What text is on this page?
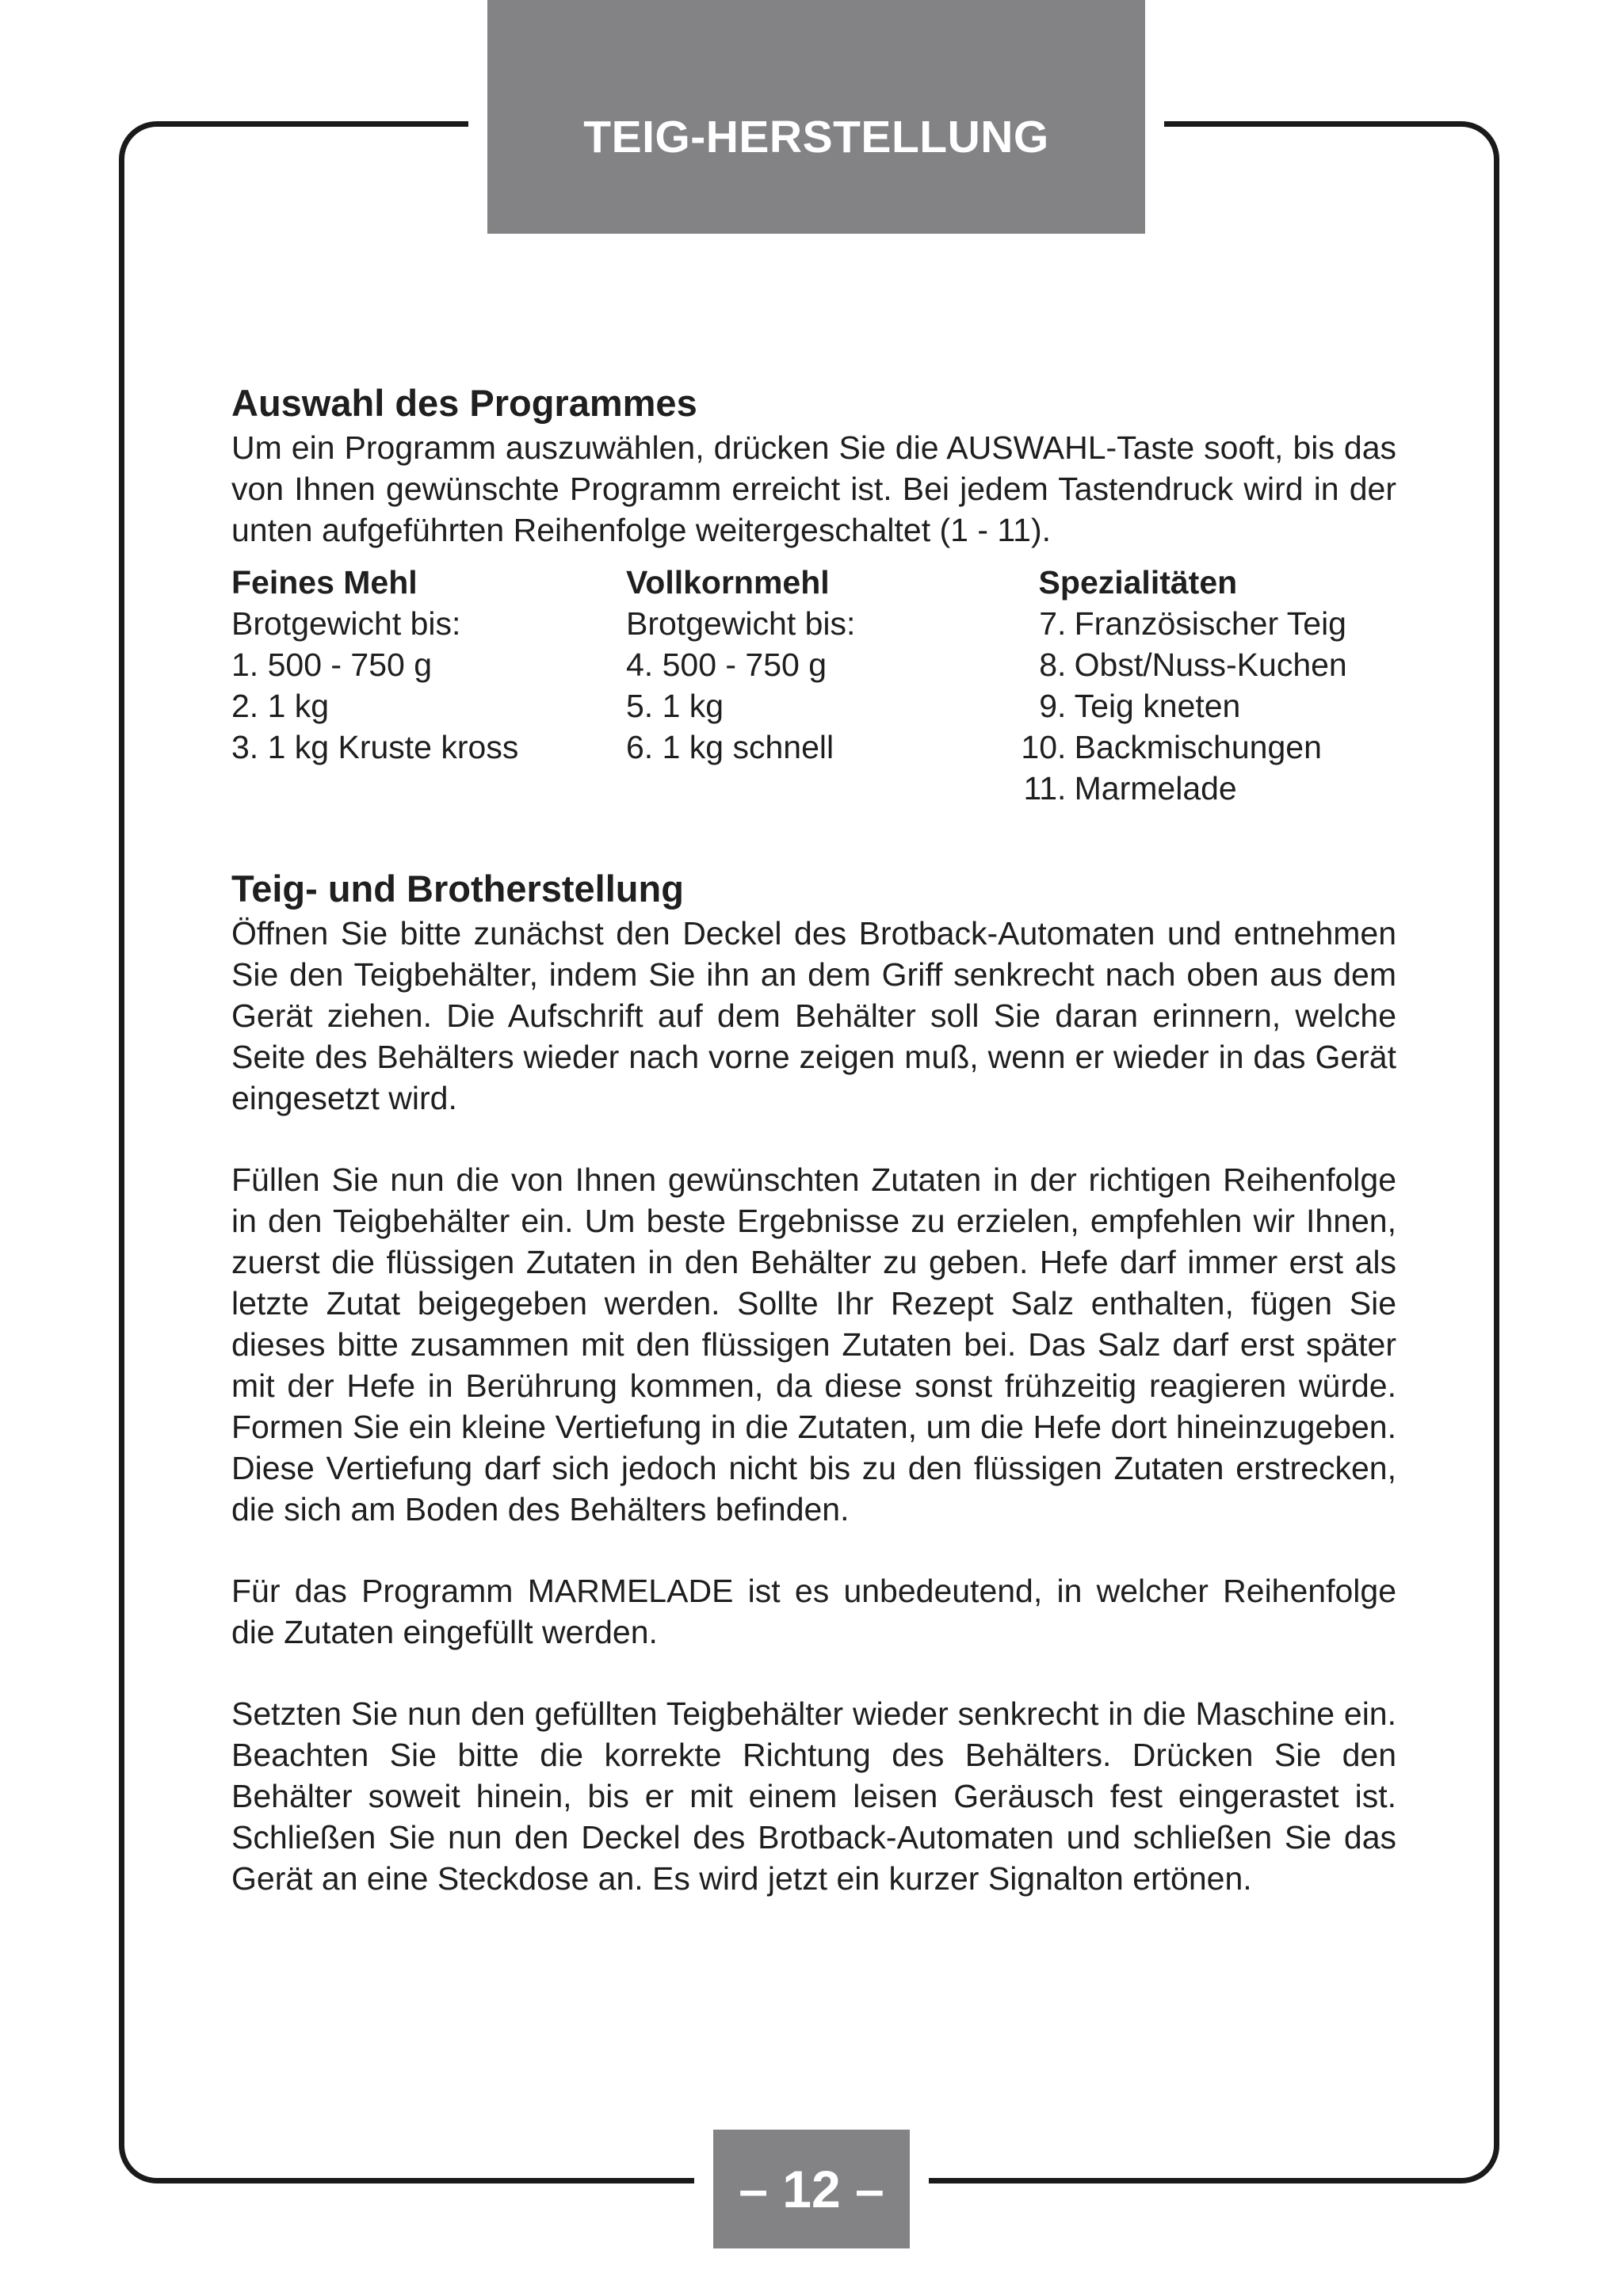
TEIG-HERSTELLUNG
Auswahl des Programmes

Um ein Programm auszuwählen, drücken Sie die AUSWAHL-Taste sooft, bis das von Ihnen gewünschte Programm erreicht ist. Bei jedem Tastendruck wird in der unten aufgeführten Reihenfolge weitergeschaltet (1 - 11).

Feines Mehl
Brotgewicht bis:
1. 500 - 750 g
2. 1 kg
3. 1 kg Kruste kross
Vollkornmehl
Brotgewicht bis:
4. 500 - 750 g
5. 1 kg
6. 1 kg schnell
Spezialitäten
7. Französischer Teig
8. Obst/Nuss-Kuchen
9. Teig kneten
10. Backmischungen
11. Marmelade
Teig- und Brotherstellung

Öffnen Sie bitte zunächst den Deckel des Brotback-Automaten und entnehmen Sie den Teigbehälter, indem Sie ihn an dem Griff senkrecht nach oben aus dem Gerät ziehen. Die Aufschrift auf dem Behälter soll Sie daran erinnern, welche Seite des Behälters wieder nach vorne zeigen muß, wenn er wieder in das Gerät eingesetzt wird.

Füllen Sie nun die von Ihnen gewünschten Zutaten in der richtigen Reihenfolge in den Teigbehälter ein. Um beste Ergebnisse zu erzielen, empfehlen wir Ihnen, zuerst die flüssigen Zutaten in den Behälter zu geben. Hefe darf immer erst als letzte Zutat beigegeben werden. Sollte Ihr Rezept Salz enthalten, fügen Sie dieses bitte zusammen mit den flüssigen Zutaten bei. Das Salz darf erst später mit der Hefe in Berührung kommen, da diese sonst frühzeitig reagieren würde. Formen Sie ein kleine Vertiefung in die Zutaten, um die Hefe dort hineinzugeben. Diese Vertiefung darf sich jedoch nicht bis zu den flüssigen Zutaten erstrecken, die sich am Boden des Behälters befinden.

Für das Programm MARMELADE ist es unbedeutend, in welcher Reihenfolge die Zutaten eingefüllt werden.

Setzten Sie nun den gefüllten Teigbehälter wieder senkrecht in die Maschine ein. Beachten Sie bitte die korrekte Richtung des Behälters. Drücken Sie den Behälter soweit hinein, bis er mit einem leisen Geräusch fest eingerastet ist. Schließen Sie nun den Deckel des Brotback-Automaten und schließen Sie das Gerät an eine Steckdose an. Es wird jetzt ein kurzer Signalton ertönen.

– 12 –
